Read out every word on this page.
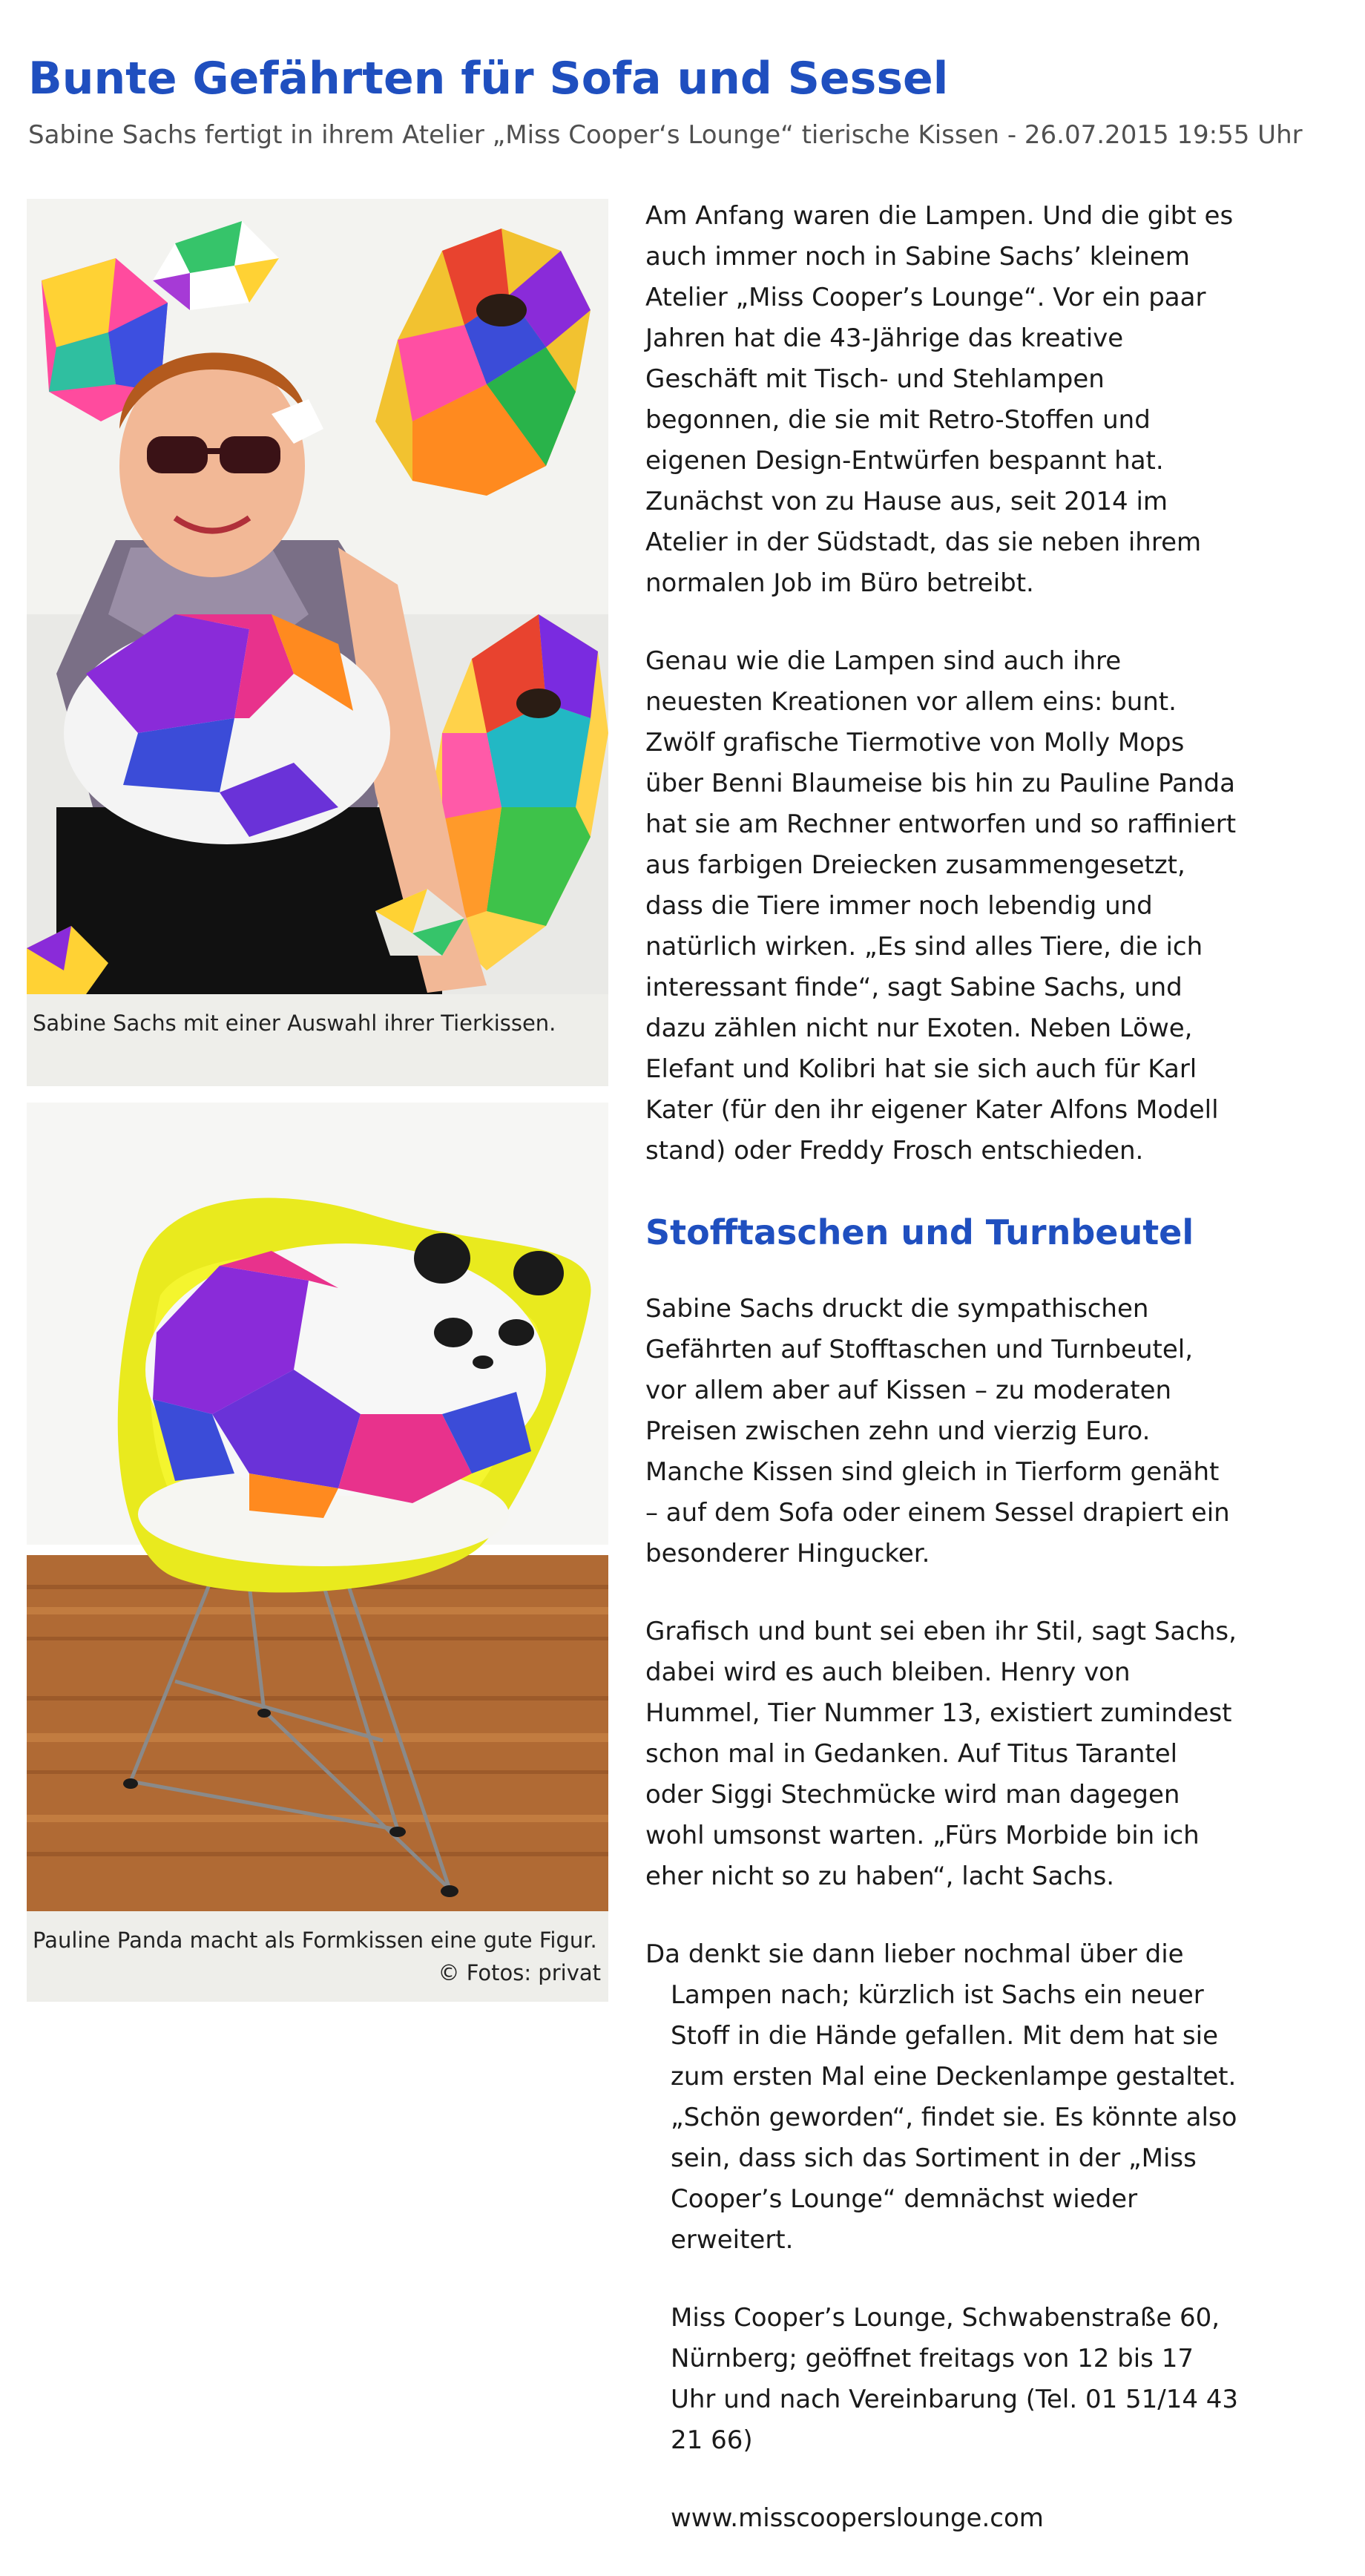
Bunte Gefährten für Sofa und Sessel
Sabine Sachs fertigt in ihrem Atelier „Miss Cooper‘s Lounge“ tierische Kissen - 26.07.2015 19:55 Uhr
Sabine Sachs mit einer Auswahl ihrer Tierkissen.
Pauline Panda macht als Formkissen eine gute Figur.
© Fotos: privat

Am Anfang waren die Lampen. Und die gibt es auch immer noch in Sabine Sachs’ kleinem Atelier „Miss Cooper’s Lounge“. Vor ein paar Jahren hat die 43-Jährige das kreative Geschäft mit Tisch- und Stehlampen begonnen, die sie mit Retro-Stoffen und eigenen Design-Entwürfen bespannt hat. Zunächst von zu Hause aus, seit 2014 im Atelier in der Südstadt, das sie neben ihrem normalen Job im Büro betreibt.

Genau wie die Lampen sind auch ihre neuesten Kreationen vor allem eins: bunt. Zwölf grafische Tiermotive von Molly Mops über Benni Blaumeise bis hin zu Pauline Panda hat sie am Rechner entworfen und so raffiniert aus farbigen Dreiecken zusammengesetzt, dass die Tiere immer noch lebendig und natürlich wirken. „Es sind alles Tiere, die ich interessant finde“, sagt Sabine Sachs, und dazu zählen nicht nur Exoten. Neben Löwe, Elefant und Kolibri hat sie sich auch für Karl Kater (für den ihr eigener Kater Alfons Modell stand) oder Freddy Frosch entschieden.

Stofftaschen und Turnbeutel

Sabine Sachs druckt die sympathischen Gefährten auf Stofftaschen und Turnbeutel, vor allem aber auf Kissen – zu moderaten Preisen zwischen zehn und vierzig Euro. Manche Kissen sind gleich in Tierform genäht – auf dem Sofa oder einem Sessel drapiert ein besonderer Hingucker.

Grafisch und bunt sei eben ihr Stil, sagt Sachs, dabei wird es auch bleiben. Henry von Hummel, Tier Nummer 13, existiert zumindest schon mal in Gedanken. Auf Titus Tarantel oder Siggi Stechmücke wird man dagegen wohl umsonst warten. „Fürs Morbide bin ich eher nicht so zu haben“, lacht Sachs.

Da denkt sie dann lieber nochmal über die Lampen nach; kürzlich ist Sachs ein neuer Stoff in die Hände gefallen. Mit dem hat sie zum ersten Mal eine Deckenlampe gestaltet. „Schön geworden“, findet sie. Es könnte also sein, dass sich das Sortiment in der „Miss Cooper’s Lounge“ demnächst wieder erweitert.

Miss Cooper’s Lounge, Schwabenstraße 60, Nürnberg; geöffnet freitags von 12 bis 17 Uhr und nach Vereinbarung (Tel. 01 51/14 43 21 66)

www.misscooperslounge.com
